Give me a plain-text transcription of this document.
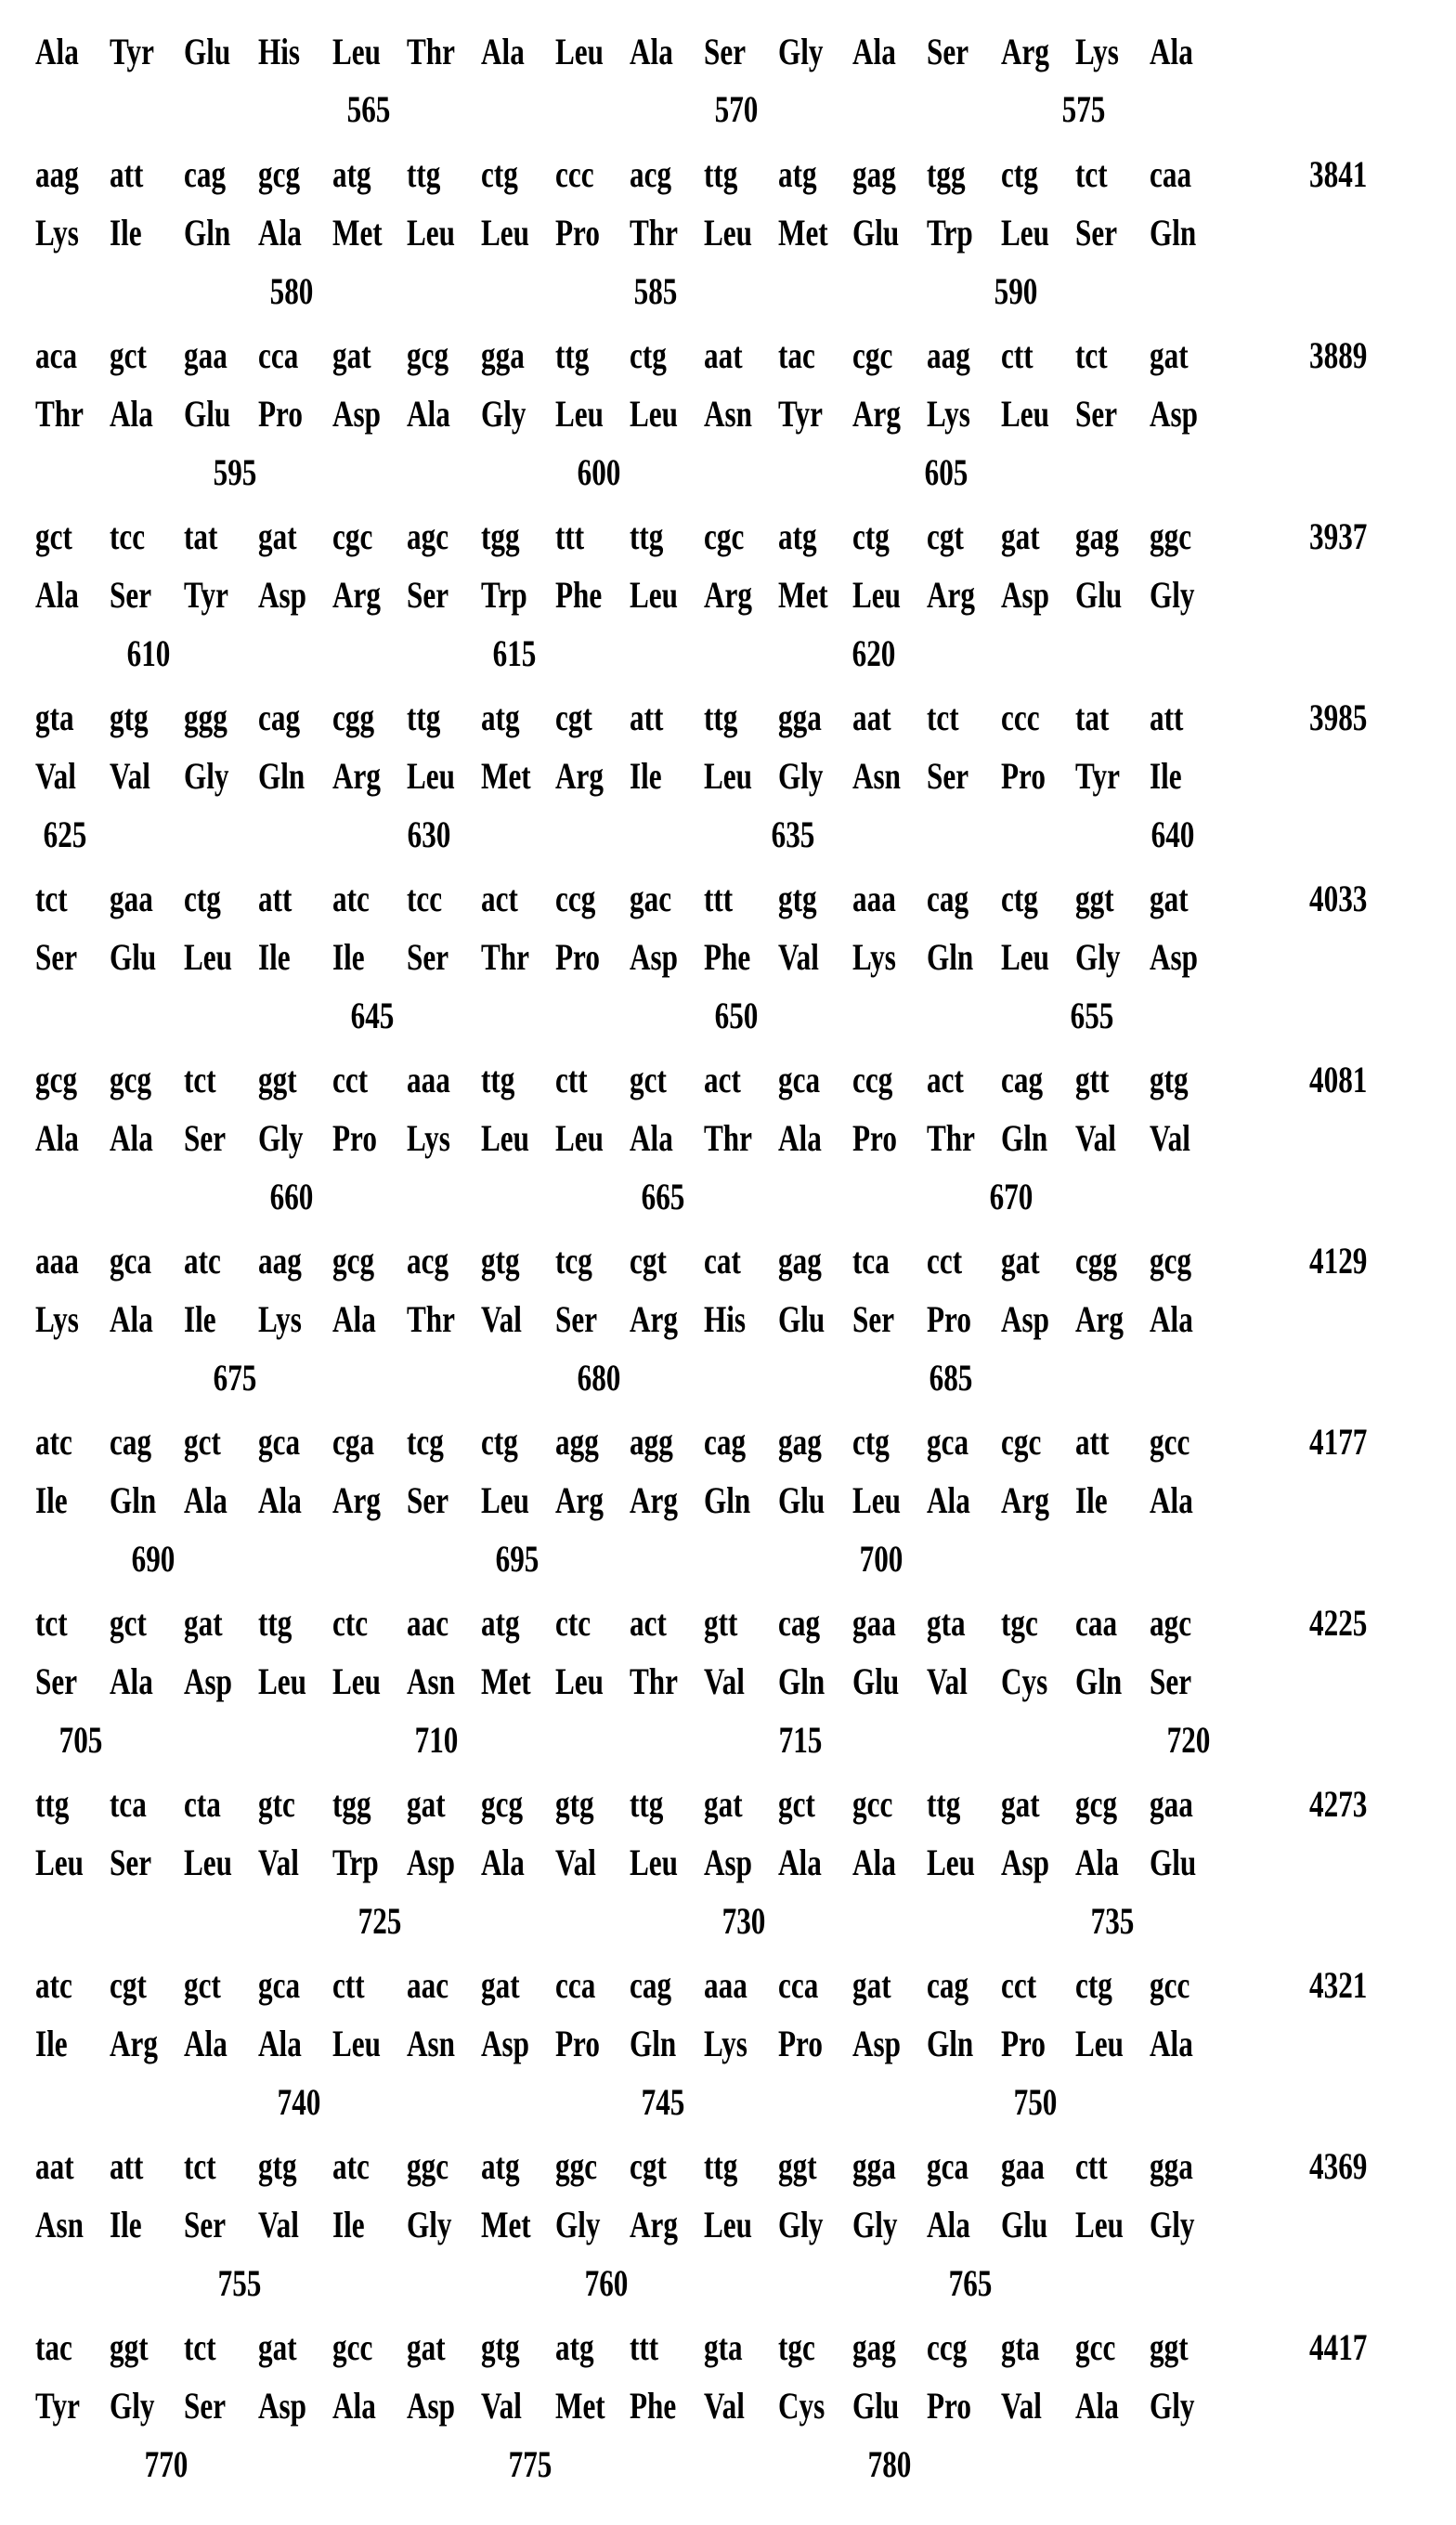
Ala Tyr Glu His Leu Thr Ala Leu Ala Ser Gly Ala Ser Arg Lys Ala
565	570	575
aag att cag gcg atg ttg ctg ccc acg ttg atg gag tgg ctg tct caa	3841
Lys Ile Gln Ala Met Leu Leu Pro Thr Leu Met Glu Trp Leu Ser Gln
580	585	590
aca gct gaa cca gat gcg gga ttg ctg aat tac cgc aag ctt tct gat	3889
Thr Ala Glu Pro Asp Ala Gly Leu Leu Asn Tyr Arg Lys Leu Ser Asp
595	600	605
gct tcc tat gat cgc agc tgg ttt ttg cgc atg ctg cgt gat gag ggc	3937
Ala Ser Tyr Asp Arg Ser Trp Phe Leu Arg Met Leu Arg Asp Glu Gly
610	615	620
gta gtg ggg cag cgg ttg atg cgt att ttg gga aat tct ccc tat att	3985
Val Val Gly Gln Arg Leu Met Arg Ile Leu Gly Asn Ser Pro Tyr Ile
625	630	635	640
tct gaa ctg att atc tcc act ccg gac ttt gtg aaa cag ctg ggt gat	4033
Ser Glu Leu Ile Ile Ser Thr Pro Asp Phe Val Lys Gln Leu Gly Asp
645	650	655
gcg gcg tct ggt cct aaa ttg ctt gct act gca ccg act cag gtt gtg	4081
Ala Ala Ser Gly Pro Lys Leu Leu Ala Thr Ala Pro Thr Gln Val Val
660	665	670
aaa gca atc aag gcg acg gtg tcg cgt cat gag tca cct gat cgg gcg	4129
Lys Ala Ile Lys Ala Thr Val Ser Arg His Glu Ser Pro Asp Arg Ala
675	680	685
atc cag gct gca cga tcg ctg agg agg cag gag ctg gca cgc att gcc	4177
Ile Gln Ala Ala Arg Ser Leu Arg Arg Gln Glu Leu Ala Arg Ile Ala
690	695	700
tct gct gat ttg ctc aac atg ctc act gtt cag gaa gta tgc caa agc	4225
Ser Ala Asp Leu Leu Asn Met Leu Thr Val Gln Glu Val Cys Gln Ser
705	710	715	720
ttg tca cta gtc tgg gat gcg gtg ttg gat gct gcc ttg gat gcg gaa	4273
Leu Ser Leu Val Trp Asp Ala Val Leu Asp Ala Ala Leu Asp Ala Glu
725	730	735
atc cgt gct gca ctt aac gat cca cag aaa cca gat cag cct ctg gcc	4321
Ile Arg Ala Ala Leu Asn Asp Pro Gln Lys Pro Asp Gln Pro Leu Ala
740	745	750
aat att tct gtg atc ggc atg ggc cgt ttg ggt gga gca gaa ctt gga	4369
Asn Ile Ser Val Ile Gly Met Gly Arg Leu Gly Gly Ala Glu Leu Gly
755	760	765
tac ggt tct gat gcc gat gtg atg ttt gta tgc gag ccg gta gcc ggt	4417
Tyr Gly Ser Asp Ala Asp Val Met Phe Val Cys Glu Pro Val Ala Gly
770	775	780
